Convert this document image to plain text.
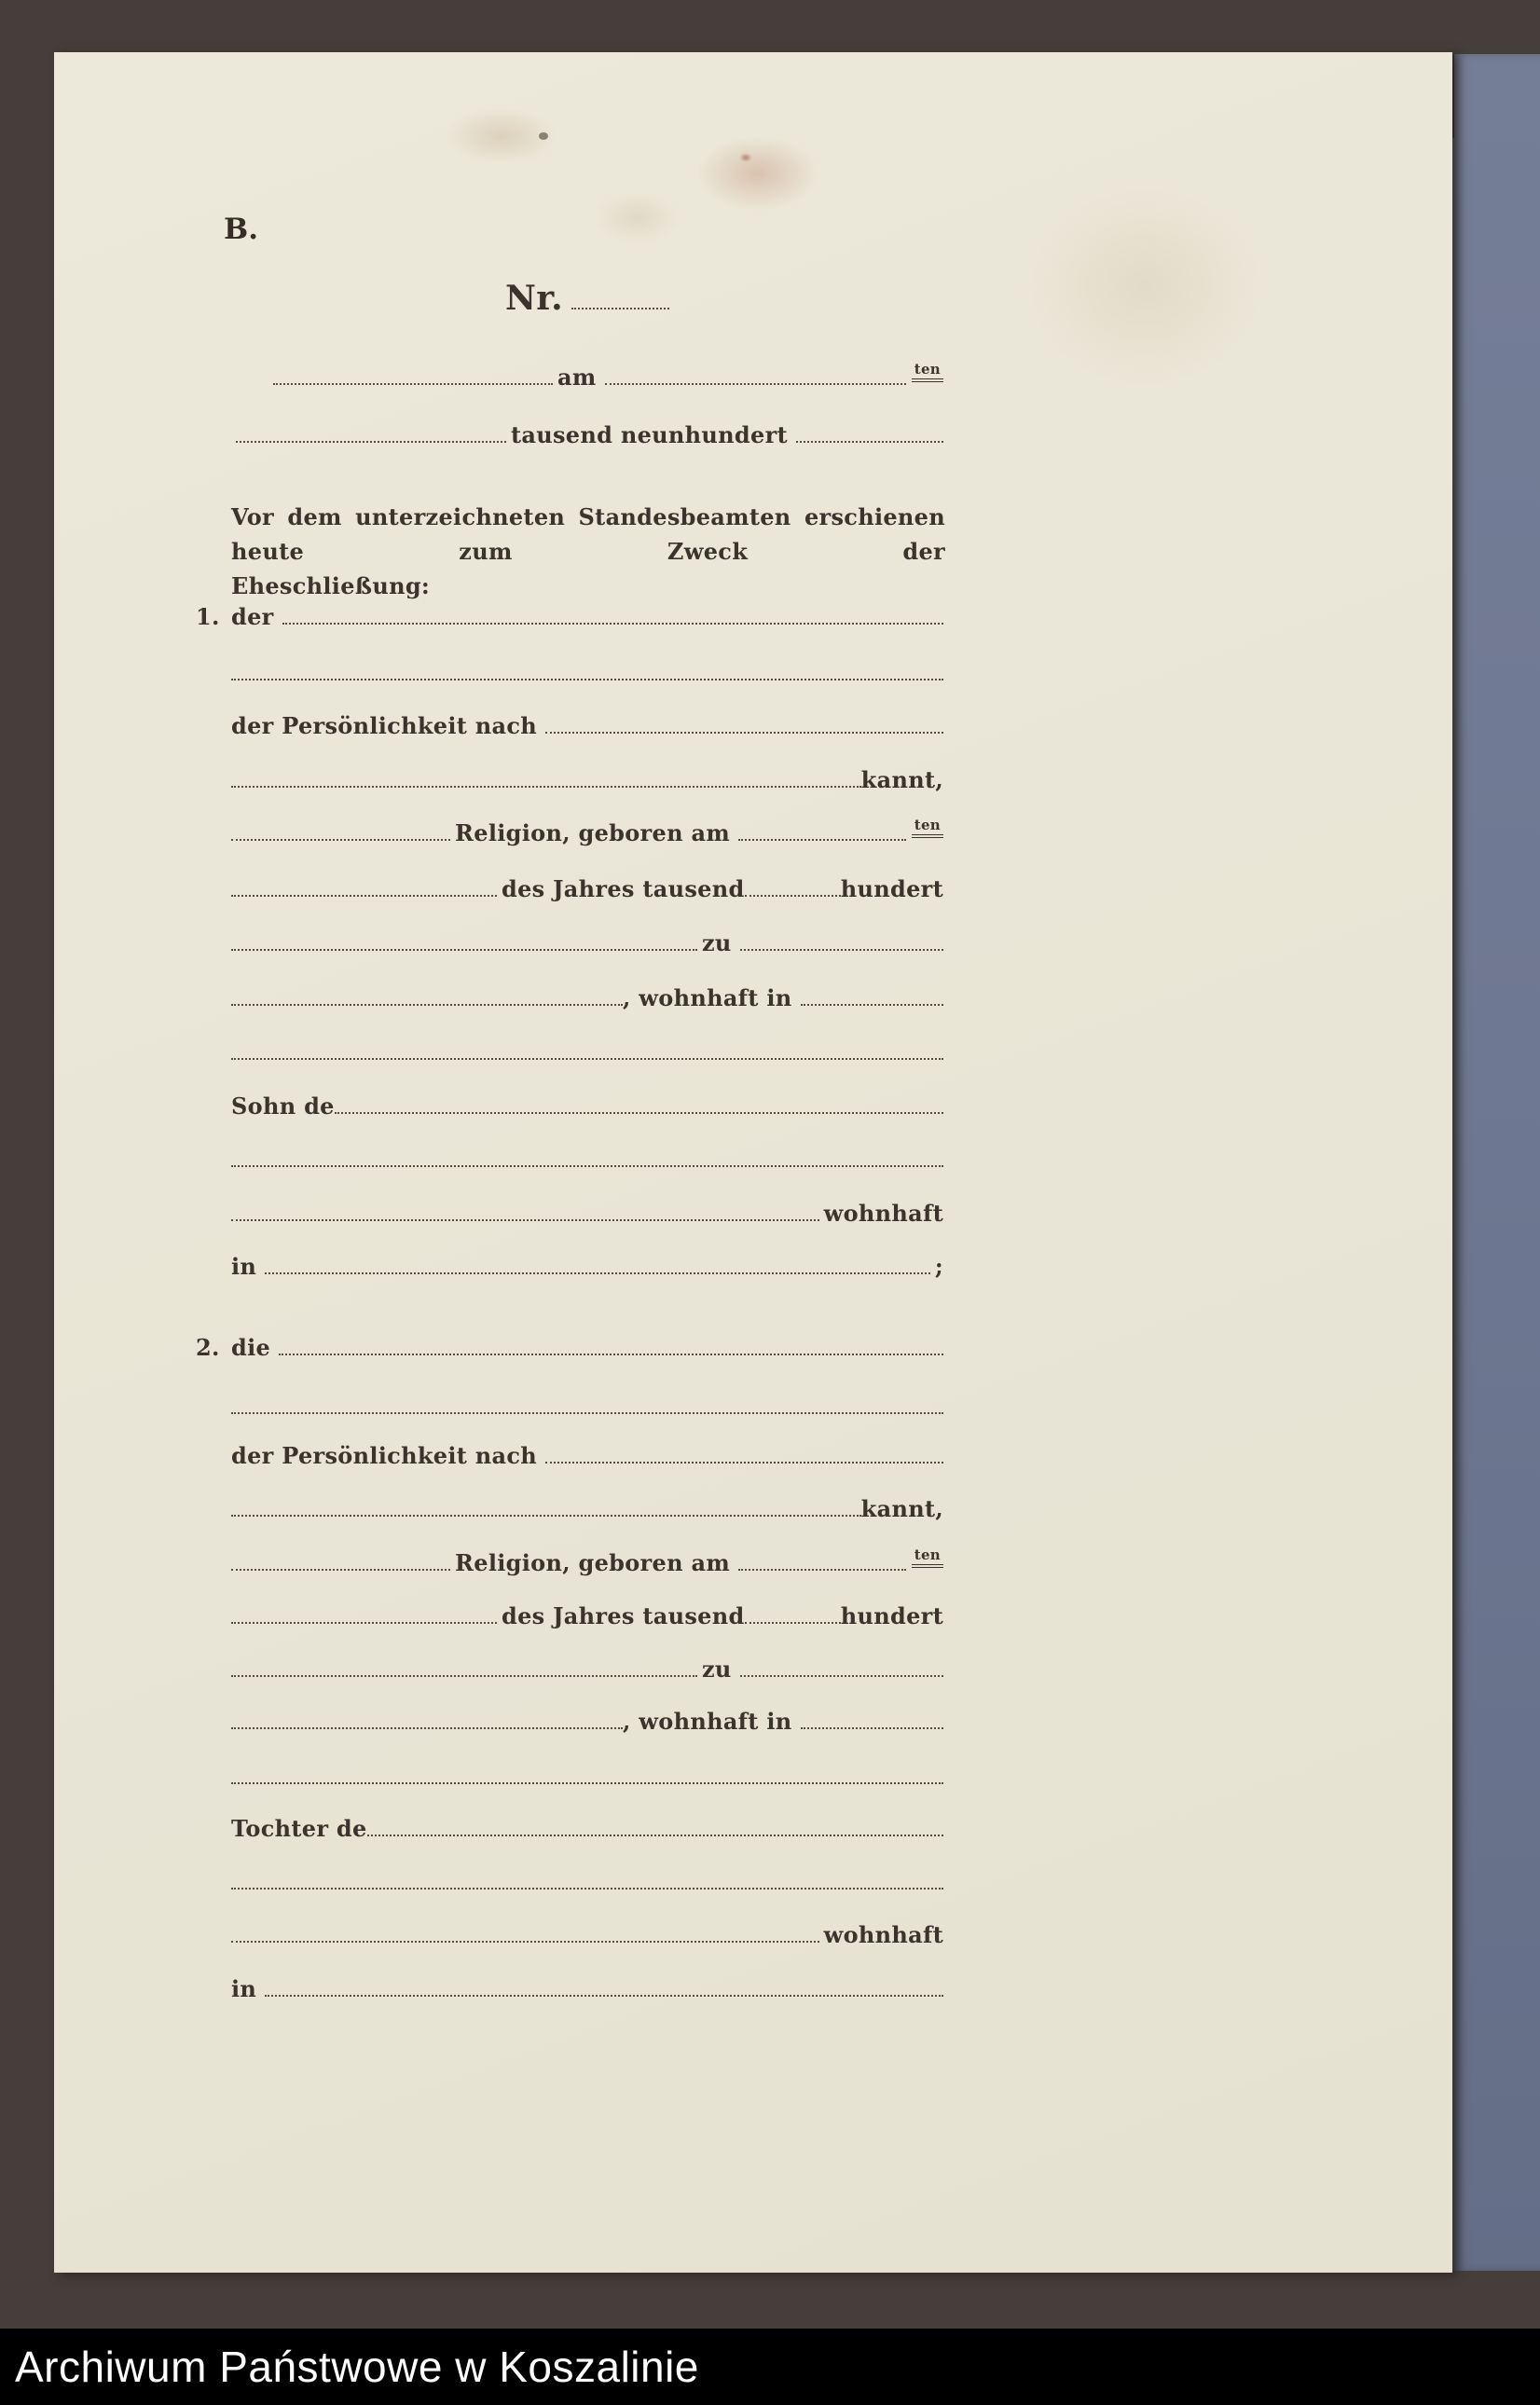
B.
Nr.
am	ten
tausend neunhundert
Vor dem unterzeichneten Standesbeamten erschienen heute zum Zweck der
Eheschließung:
1. der
der Persönlichkeit nach
kannt,
Religion, geboren am	ten
des Jahres tausend	hundert
zu
, wohnhaft in
Sohn de
wohnhaft
in	;
2. die
der Persönlichkeit nach
kannt,
Religion, geboren am	ten
des Jahres tausend	hundert
zu
, wohnhaft in
Tochter de
wohnhaft
in
Archiwum Państwowe w Koszalinie
